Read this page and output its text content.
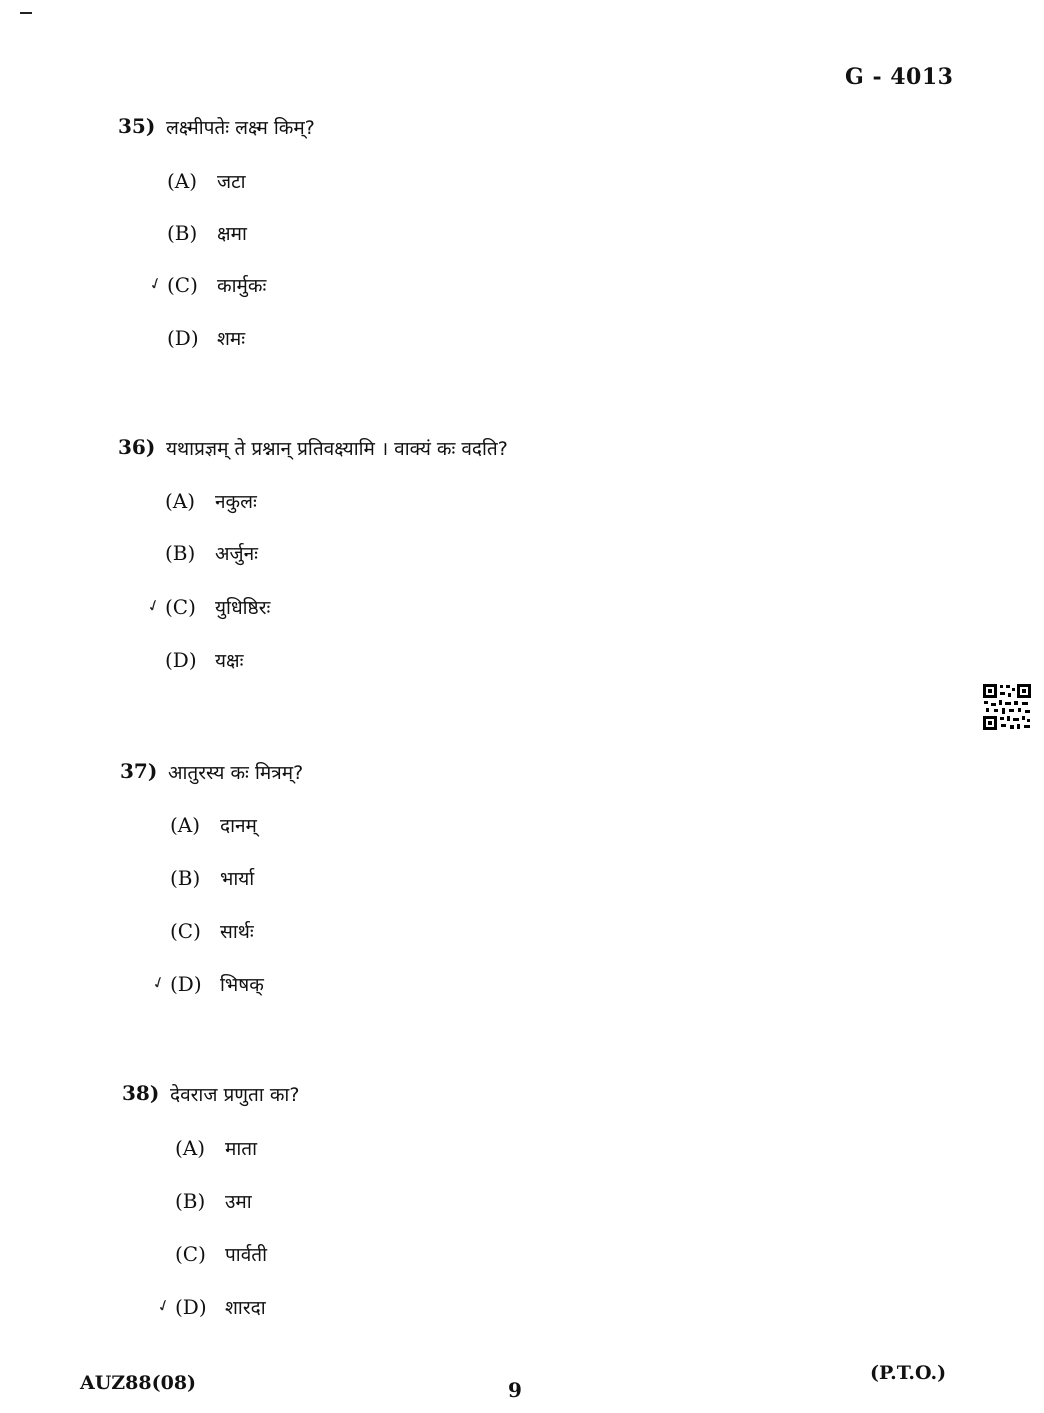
G - 4013
35) लक्ष्मीपतेः लक्ष्म किम्?
(A) जटा
(B) क्षमा
✓ (C) कार्मुकः
(D) शमः
36) यथाप्रज्ञम् ते प्रश्नान् प्रतिवक्ष्यामि । वाक्यं कः वदति?
(A) नकुलः
(B) अर्जुनः
✓ (C) युधिष्ठिरः
(D) यक्षः
37) आतुरस्य कः मित्रम्?
(A) दानम्
(B) भार्या
(C) सार्थः
✓ (D) भिषक्
38) देवराज प्रणुता का?
(A) माता
(B) उमा
(C) पार्वती
✓ (D) शारदा
AUZ88(08)	9
(P.T.O.)
